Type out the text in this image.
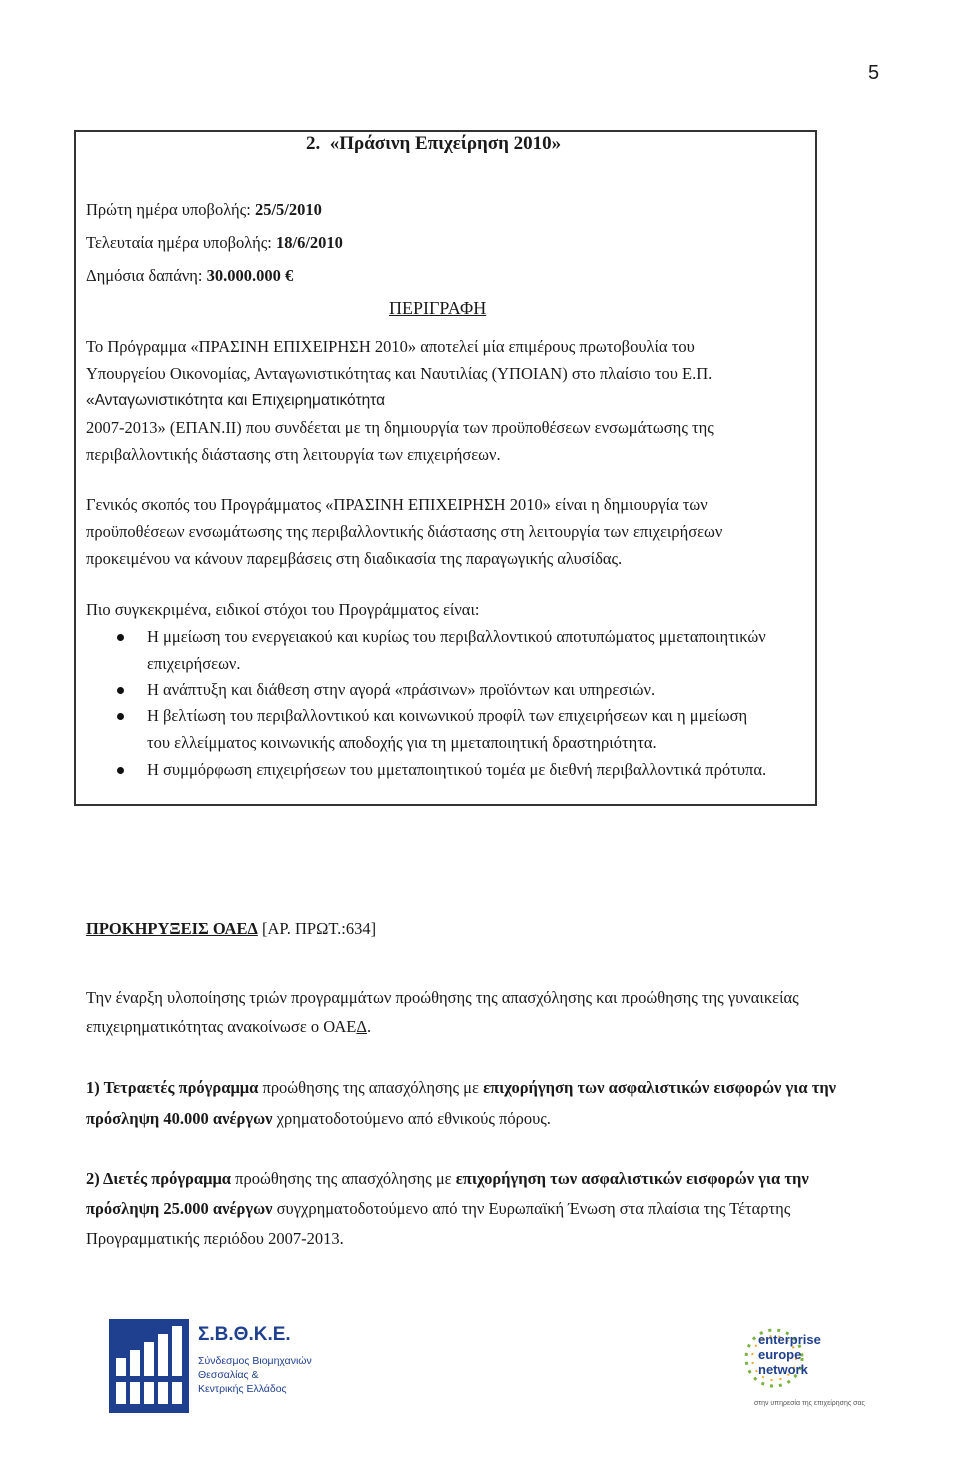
5
2. «Πράσινη Επιχείρηση 2010»
Πρώτη ημέρα υποβολής: 25/5/2010
Τελευταία ημέρα υποβολής: 18/6/2010
Δημόσια δαπάνη: 30.000.000 €
ΠΕΡΙΓΡΑΦΗ
Το Πρόγραμμα «ΠΡΑΣΙΝΗ ΕΠΙΧΕΙΡΗΣΗ 2010» αποτελεί μία επιμέρους πρωτοβουλία του
Υπουργείου Οικονομίας, Ανταγωνιστικότητας και Ναυτιλίας (ΥΠΟΙΑΝ) στο πλαίσιο του Ε.Π.
«Ανταγωνιστικότητα και Επιχειρηματικότητα
2007-2013» (ΕΠΑΝ.ΙΙ) που συνδέεται με τη δημιουργία των προϋποθέσεων ενσωμάτωσης της
περιβαλλοντικής διάστασης στη λειτουργία των επιχειρήσεων.
Γενικός σκοπός του Προγράμματος «ΠΡΑΣΙΝΗ ΕΠΙΧΕΙΡΗΣΗ 2010» είναι η δημιουργία των
προϋποθέσεων ενσωμάτωσης της περιβαλλοντικής διάστασης στη λειτουργία των επιχειρήσεων
προκειμένου να κάνουν παρεμβάσεις στη διαδικασία της παραγωγικής αλυσίδας.
Πιο συγκεκριμένα, ειδικοί στόχοι του Προγράμματος είναι:
Η μμείωση του ενεργειακού και κυρίως του περιβαλλοντικού αποτυπώματος μμεταποιητικών
επιχειρήσεων.
Η ανάπτυξη και διάθεση στην αγορά «πράσινων» προϊόντων και υπηρεσιών.
Η βελτίωση του περιβαλλοντικού και κοινωνικού προφίλ των επιχειρήσεων και η μμείωση
του ελλείμματος κοινωνικής αποδοχής για τη μμεταποιητική δραστηριότητα.
Η συμμόρφωση επιχειρήσεων του μμεταποιητικού τομέα με διεθνή περιβαλλοντικά πρότυπα.
ΠΡΟΚΗΡΥΞΕΙΣ ΟΑΕΔ [ΑΡ. ΠΡΩΤ.:634]
Την έναρξη υλοποίησης τριών προγραμμάτων προώθησης της απασχόλησης και προώθησης της γυναικείας
επιχειρηματικότητας ανακοίνωσε ο ΟΑΕΔ.
1) Τετραετές πρόγραμμα προώθησης της απασχόλησης με επιχορήγηση των ασφαλιστικών εισφορών για την
πρόσληψη 40.000 ανέργων χρηματοδοτούμενο από εθνικούς πόρους.
2) Διετές πρόγραμμα προώθησης της απασχόλησης με επιχορήγηση των ασφαλιστικών εισφορών για την
πρόσληψη 25.000 ανέργων συγχρηματοδοτούμενο από την Ευρωπαϊκή Ένωση στα πλαίσια της Τέταρτης
Προγραμματικής περιόδου 2007-2013.
Σ.Β.Θ.Κ.Ε.
Σύνδεσμος Βιομηχανιών
Θεσσαλίας &
Κεντρικής Ελλάδος
enterprise
europe
network
στην υπηρεσία της επιχείρησης σας
